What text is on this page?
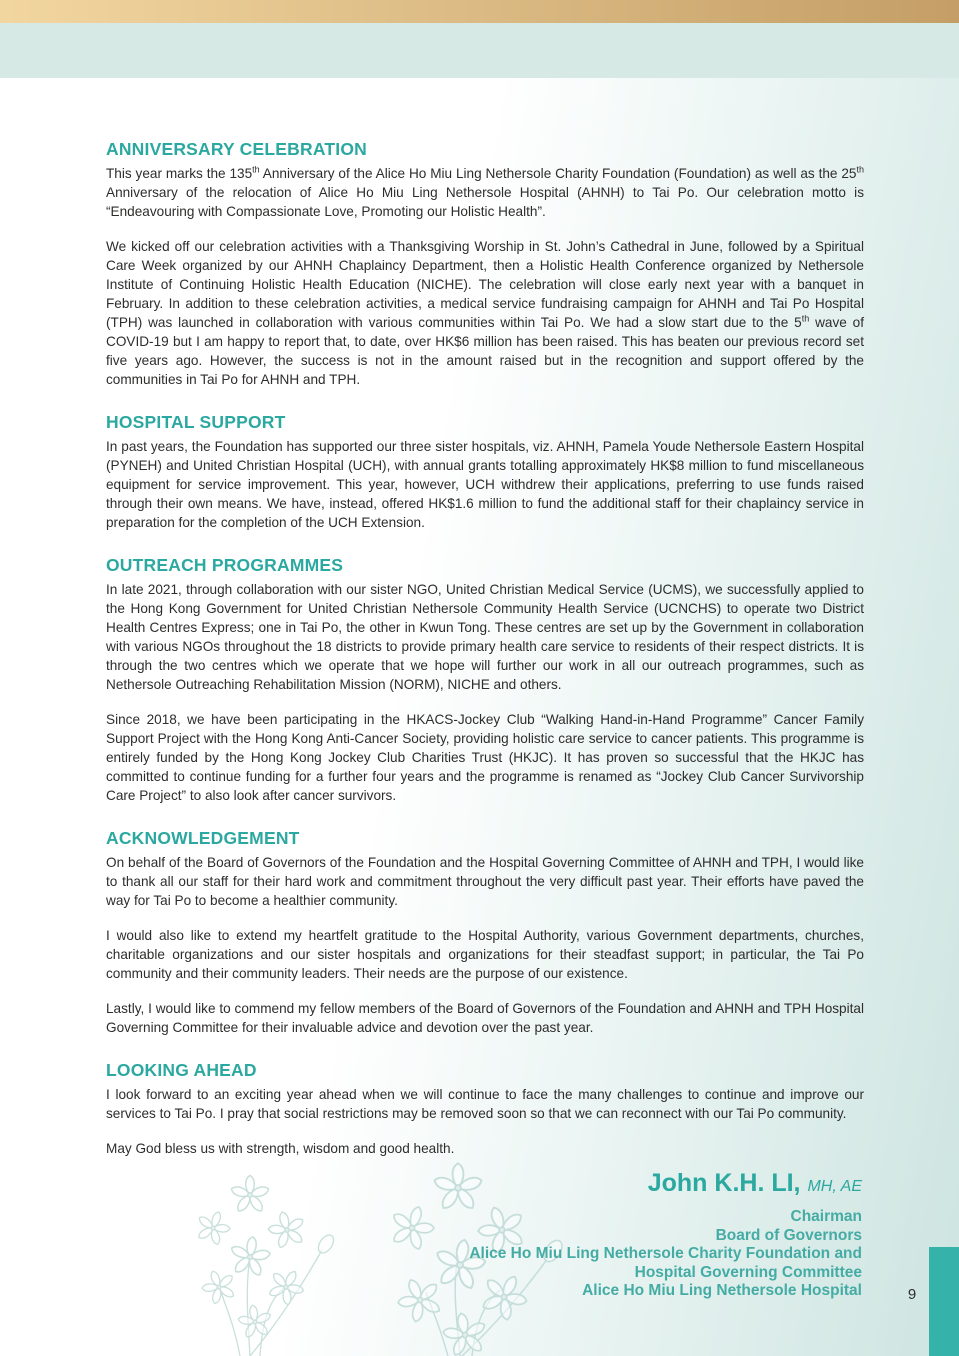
ANNIVERSARY CELEBRATION

This year marks the 135th Anniversary of the Alice Ho Miu Ling Nethersole Charity Foundation (Foundation) as well as the 25th Anniversary of the relocation of Alice Ho Miu Ling Nethersole Hospital (AHNH) to Tai Po. Our celebration motto is “Endeavouring with Compassionate Love, Promoting our Holistic Health”.

We kicked off our celebration activities with a Thanksgiving Worship in St. John’s Cathedral in June, followed by a Spiritual Care Week organized by our AHNH Chaplaincy Department, then a Holistic Health Conference organized by Nethersole Institute of Continuing Holistic Health Education (NICHE). The celebration will close early next year with a banquet in February. In addition to these celebration activities, a medical service fundraising campaign for AHNH and Tai Po Hospital (TPH) was launched in collaboration with various communities within Tai Po. We had a slow start due to the 5th wave of COVID-19 but I am happy to report that, to date, over HK$6 million has been raised. This has beaten our previous record set five years ago. However, the success is not in the amount raised but in the recognition and support offered by the communities in Tai Po for AHNH and TPH.

HOSPITAL SUPPORT

In past years, the Foundation has supported our three sister hospitals, viz. AHNH, Pamela Youde Nethersole Eastern Hospital (PYNEH) and United Christian Hospital (UCH), with annual grants totalling approximately HK$8 million to fund miscellaneous equipment for service improvement. This year, however, UCH withdrew their applications, preferring to use funds raised through their own means. We have, instead, offered HK$1.6 million to fund the additional staff for their chaplaincy service in preparation for the completion of the UCH Extension.

OUTREACH PROGRAMMES

In late 2021, through collaboration with our sister NGO, United Christian Medical Service (UCMS), we successfully applied to the Hong Kong Government for United Christian Nethersole Community Health Service (UCNCHS) to operate two District Health Centres Express; one in Tai Po, the other in Kwun Tong. These centres are set up by the Government in collaboration with various NGOs throughout the 18 districts to provide primary health care service to residents of their respect districts. It is through the two centres which we operate that we hope will further our work in all our outreach programmes, such as Nethersole Outreaching Rehabilitation Mission (NORM), NICHE and others.

Since 2018, we have been participating in the HKACS-Jockey Club “Walking Hand-in-Hand Programme” Cancer Family Support Project with the Hong Kong Anti-Cancer Society, providing holistic care service to cancer patients. This programme is entirely funded by the Hong Kong Jockey Club Charities Trust (HKJC). It has proven so successful that the HKJC has committed to continue funding for a further four years and the programme is renamed as “Jockey Club Cancer Survivorship Care Project” to also look after cancer survivors.

ACKNOWLEDGEMENT

On behalf of the Board of Governors of the Foundation and the Hospital Governing Committee of AHNH and TPH, I would like to thank all our staff for their hard work and commitment throughout the very difficult past year. Their efforts have paved the way for Tai Po to become a healthier community.

I would also like to extend my heartfelt gratitude to the Hospital Authority, various Government departments, churches, charitable organizations and our sister hospitals and organizations for their steadfast support; in particular, the Tai Po community and their community leaders. Their needs are the purpose of our existence.

Lastly, I would like to commend my fellow members of the Board of Governors of the Foundation and AHNH and TPH Hospital Governing Committee for their invaluable advice and devotion over the past year.

LOOKING AHEAD

I look forward to an exciting year ahead when we will continue to face the many challenges to continue and improve our services to Tai Po. I pray that social restrictions may be removed soon so that we can reconnect with our Tai Po community.

May God bless us with strength, wisdom and good health.

John K.H. LI, MH, AE
Chairman
Board of Governors
Alice Ho Miu Ling Nethersole Charity Foundation and
Hospital Governing Committee
Alice Ho Miu Ling Nethersole Hospital	9
